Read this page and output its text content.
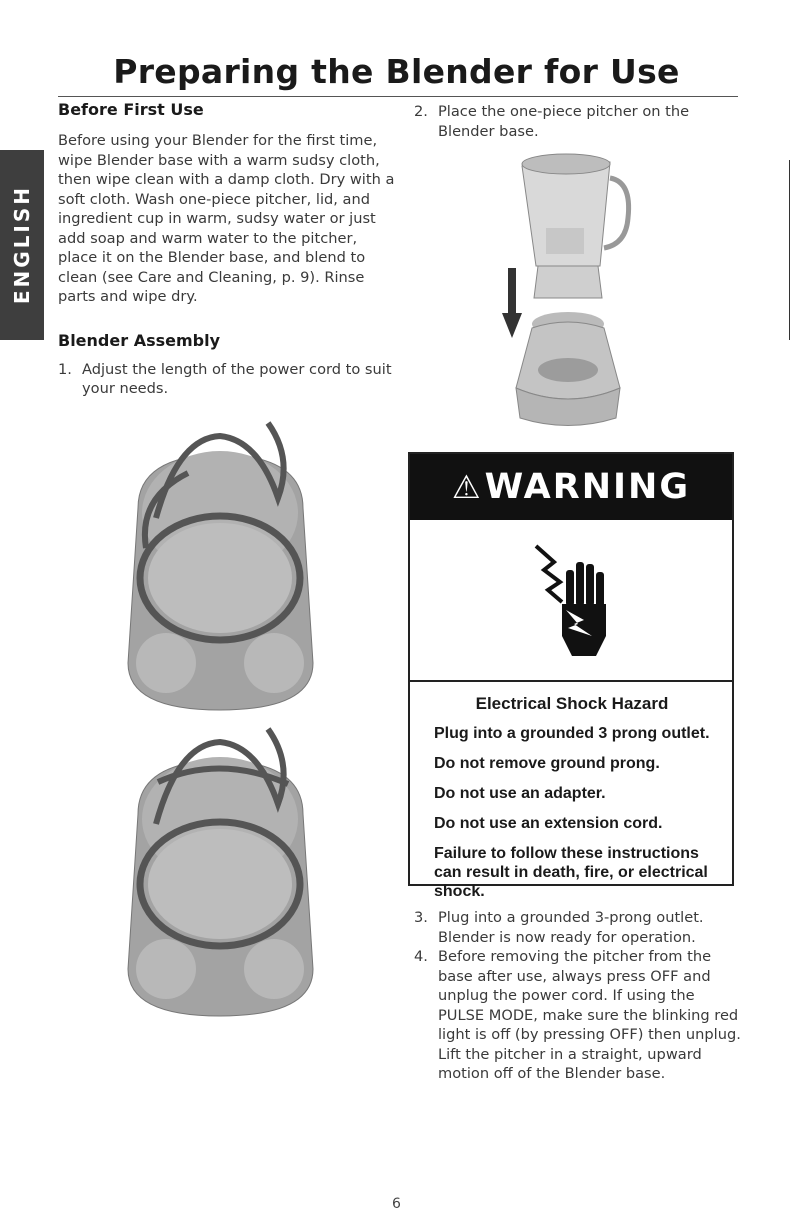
Preparing the Blender for Use
ENGLISH
Before First Use

Before using your Blender for the first time, wipe Blender base with a warm sudsy cloth, then wipe clean with a damp cloth. Dry with a soft cloth. Wash one-piece pitcher, lid, and ingredient cup in warm, sudsy water or just add soap and warm water to the pitcher, place it on the Blender base, and blend to clean (see Care and Cleaning, p. 9). Rinse parts and wipe dry.

Blender Assembly
1. Adjust the length of the power cord to suit your needs.
2. Place the one-piece pitcher on the Blender base.
⚠ WARNING
Electrical Shock Hazard

Plug into a grounded 3 prong outlet.

Do not remove ground prong.

Do not use an adapter.

Do not use an extension cord.

Failure to follow these instructions can result in death, fire, or electrical shock.

3. Plug into a grounded 3-prong outlet. Blender is now ready for operation.
4. Before removing the pitcher from the base after use, always press OFF and unplug the power cord. If using the PULSE MODE, make sure the blinking red light is off (by pressing OFF) then unplug. Lift the pitcher in a straight, upward motion off of the Blender base.
6
